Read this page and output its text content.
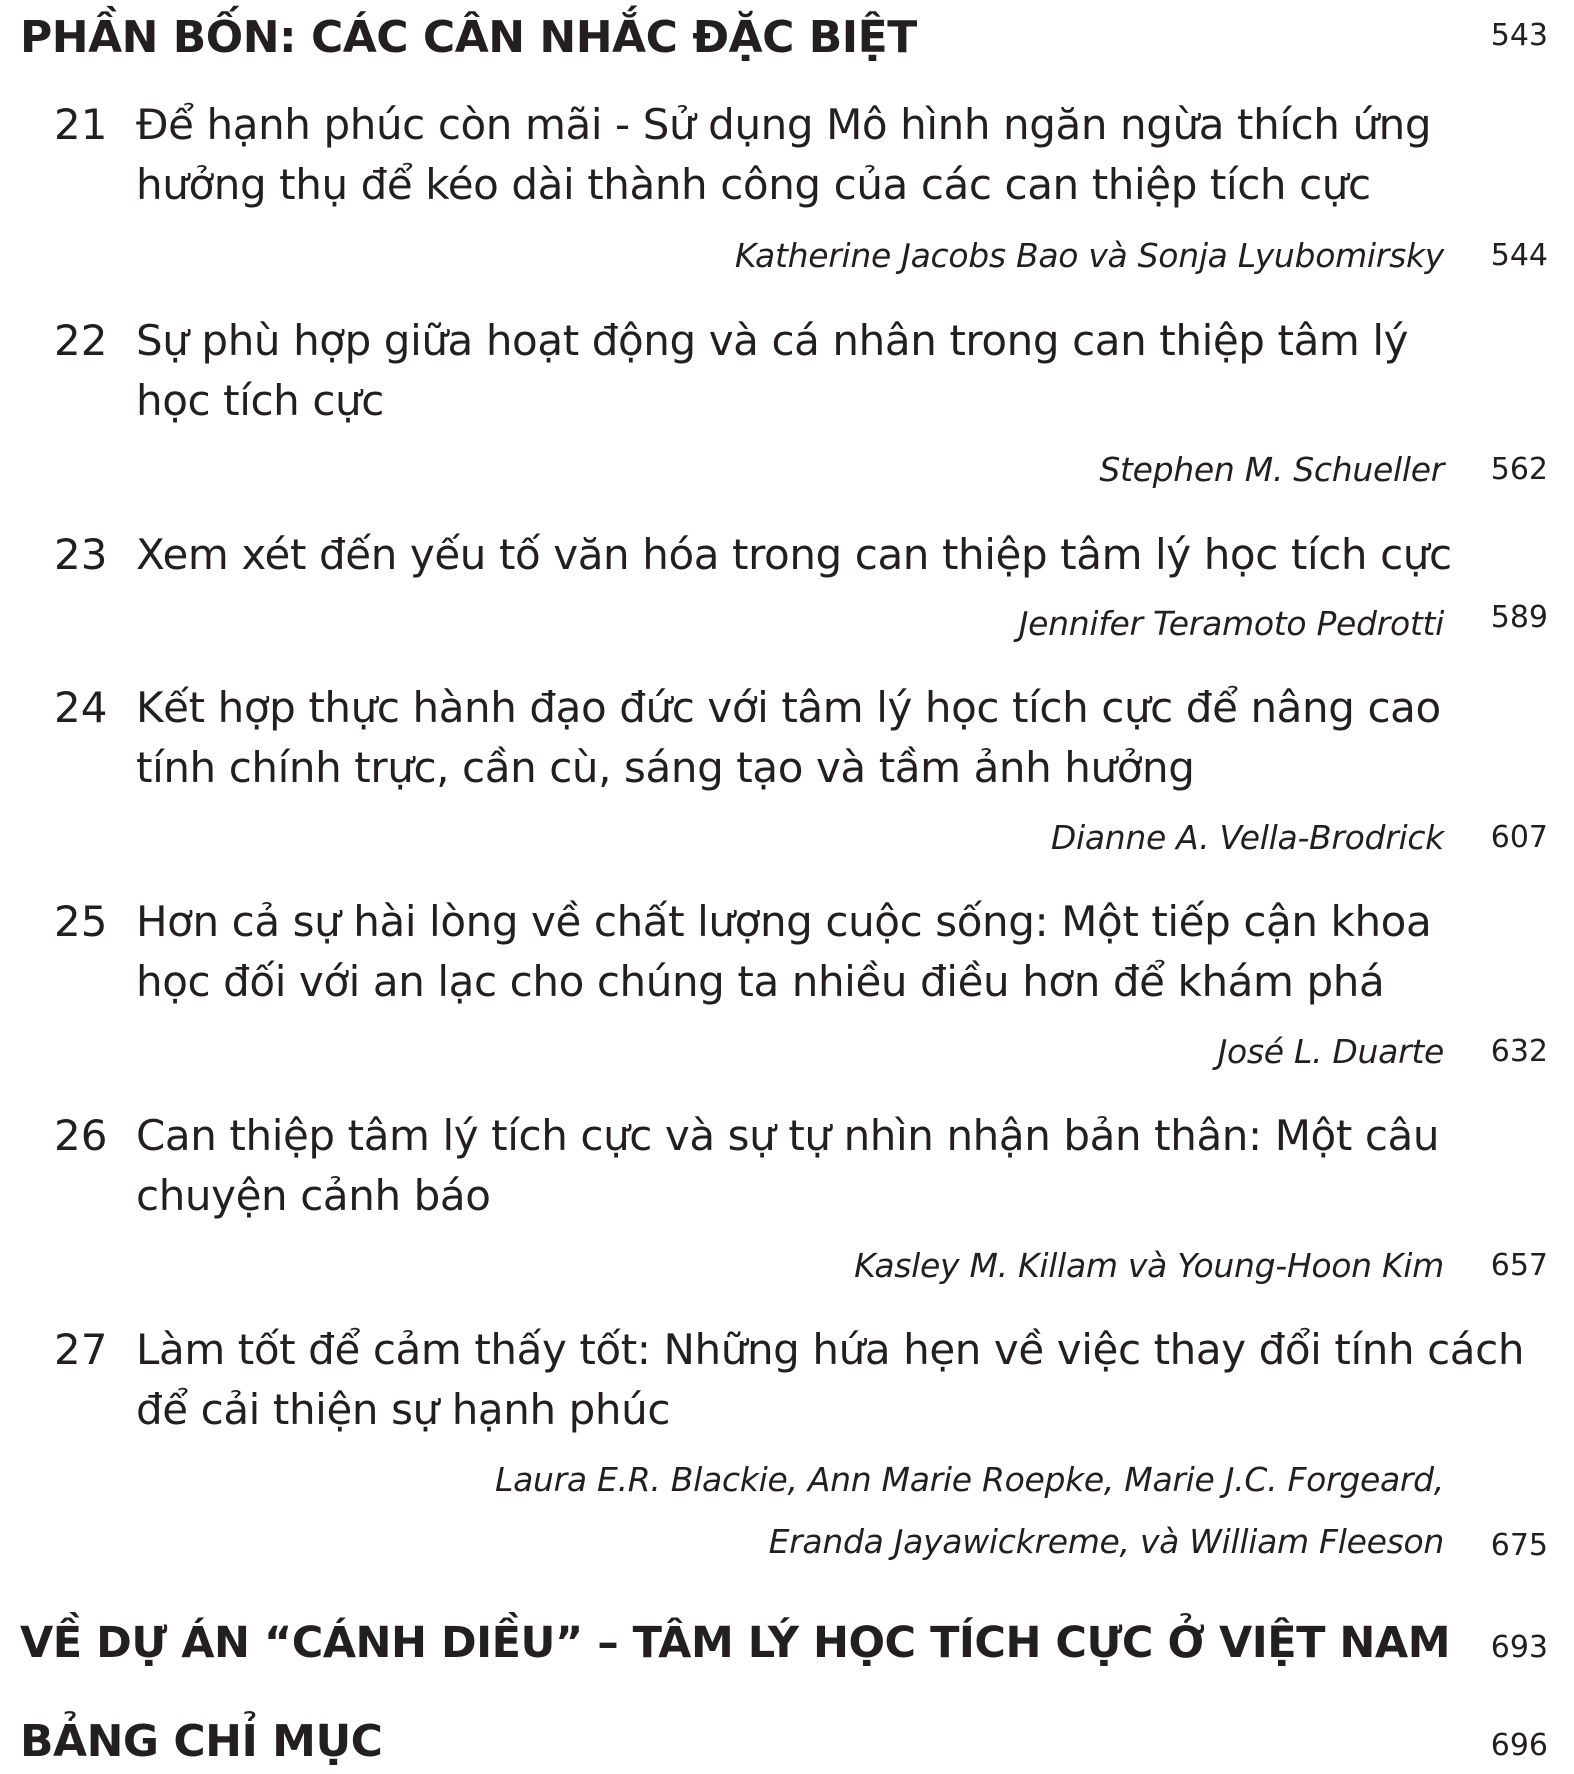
PHẦN BỐN: CÁC CÂN NHẮC ĐẶC BIỆT	543
21 Để hạnh phúc còn mãi - Sử dụng Mô hình ngăn ngừa thích ứng
hưởng thụ để kéo dài thành công của các can thiệp tích cực
Katherine Jacobs Bao và Sonja Lyubomirsky 544
22 Sự phù hợp giữa hoạt động và cá nhân trong can thiệp tâm lý
học tích cực
Stephen M. Schueller 562
23 Xem xét đến yếu tố văn hóa trong can thiệp tâm lý học tích cực
Jennifer Teramoto Pedrotti 589
24 Kết hợp thực hành đạo đức với tâm lý học tích cực để nâng cao
tính chính trực, cần cù, sáng tạo và tầm ảnh hưởng
Dianne A. Vella-Brodrick 607
25 Hơn cả sự hài lòng về chất lượng cuộc sống: Một tiếp cận khoa
học đối với an lạc cho chúng ta nhiều điều hơn để khám phá
José L. Duarte 632
26 Can thiệp tâm lý tích cực và sự tự nhìn nhận bản thân: Một câu
chuyện cảnh báo
Kasley M. Killam và Young-Hoon Kim 657
27 Làm tốt để cảm thấy tốt: Những hứa hẹn về việc thay đổi tính cách
để cải thiện sự hạnh phúc
Laura E.R. Blackie, Ann Marie Roepke, Marie J.C. Forgeard,
Eranda Jayawickreme, và William Fleeson 675
VỀ DỰ ÁN “CÁNH DIỀU” – TÂM LÝ HỌC TÍCH CỰC Ở VIỆT NAM 693
BẢNG CHỈ MỤC	696
